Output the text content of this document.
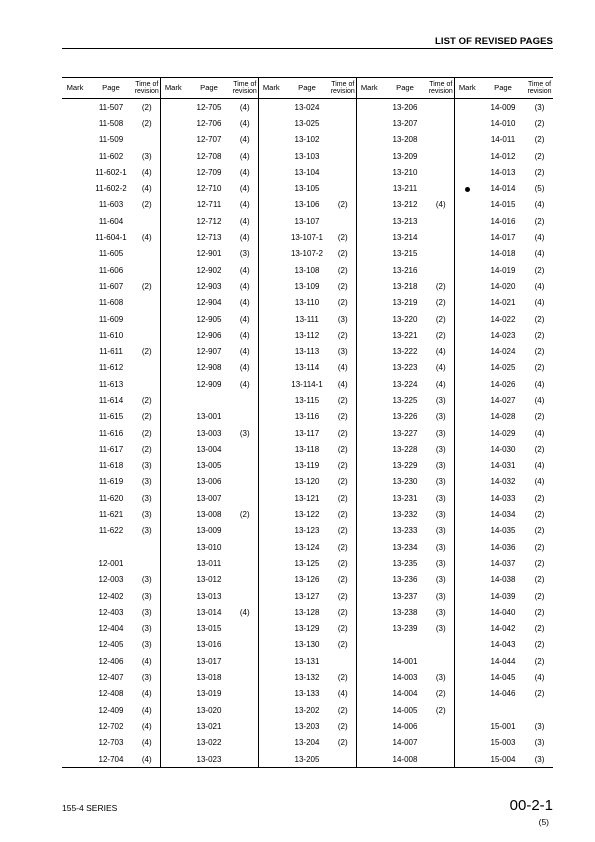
LIST OF REVISED PAGES
Mark	Page	Time of
revision	Mark	Page	Time of
revision	Mark	Page	Time of
revision	Mark	Page	Time of
revision	Mark	Page	Time of
revision
	11-507	(2)		12-705	(4)		13-024			13-206			14-009	(3)
	11-508	(2)		12-706	(4)		13-025			13-207			14-010	(2)
	11-509			12-707	(4)		13-102			13-208			14-011	(2)
	11-602	(3)		12-708	(4)		13-103			13-209			14-012	(2)
	11-602-1	(4)		12-709	(4)		13-104			13-210			14-013	(2)
	11-602-2	(4)		12-710	(4)		13-105			13-211			14-014	(5)
	11-603	(2)		12-711	(4)		13-106	(2)		13-212	(4)		14-015	(4)
	11-604			12-712	(4)		13-107			13-213			14-016	(2)
	11-604-1	(4)		12-713	(4)		13-107-1	(2)		13-214			14-017	(4)
	11-605			12-901	(3)		13-107-2	(2)		13-215			14-018	(4)
	11-606			12-902	(4)		13-108	(2)		13-216			14-019	(2)
	11-607	(2)		12-903	(4)		13-109	(2)		13-218	(2)		14-020	(4)
	11-608			12-904	(4)		13-110	(2)		13-219	(2)		14-021	(4)
	11-609			12-905	(4)		13-111	(3)		13-220	(2)		14-022	(2)
	11-610			12-906	(4)		13-112	(2)		13-221	(2)		14-023	(2)
	11-611	(2)		12-907	(4)		13-113	(3)		13-222	(4)		14-024	(2)
	11-612			12-908	(4)		13-114	(4)		13-223	(4)		14-025	(2)
	11-613			12-909	(4)		13-114-1	(4)		13-224	(4)		14-026	(4)
	11-614	(2)					13-115	(2)		13-225	(3)		14-027	(4)
	11-615	(2)		13-001			13-116	(2)		13-226	(3)		14-028	(2)
	11-616	(2)		13-003	(3)		13-117	(2)		13-227	(3)		14-029	(4)
	11-617	(2)		13-004			13-118	(2)		13-228	(3)		14-030	(2)
	11-618	(3)		13-005			13-119	(2)		13-229	(3)		14-031	(4)
	11-619	(3)		13-006			13-120	(2)		13-230	(3)		14-032	(4)
	11-620	(3)		13-007			13-121	(2)		13-231	(3)		14-033	(2)
	11-621	(3)		13-008	(2)		13-122	(2)		13-232	(3)		14-034	(2)
	11-622	(3)		13-009			13-123	(2)		13-233	(3)		14-035	(2)
				13-010			13-124	(2)		13-234	(3)		14-036	(2)
	12-001			13-011			13-125	(2)		13-235	(3)		14-037	(2)
	12-003	(3)		13-012			13-126	(2)		13-236	(3)		14-038	(2)
	12-402	(3)		13-013			13-127	(2)		13-237	(3)		14-039	(2)
	12-403	(3)		13-014	(4)		13-128	(2)		13-238	(3)		14-040	(2)
	12-404	(3)		13-015			13-129	(2)		13-239	(3)		14-042	(2)
	12-405	(3)		13-016			13-130	(2)					14-043	(2)
	12-406	(4)		13-017			13-131			14-001			14-044	(2)
	12-407	(3)		13-018			13-132	(2)		14-003	(3)		14-045	(4)
	12-408	(4)		13-019			13-133	(4)		14-004	(2)		14-046	(2)
	12-409	(4)		13-020			13-202	(2)		14-005	(2)			
	12-702	(4)		13-021			13-203	(2)		14-006			15-001	(3)
	12-703	(4)		13-022			13-204	(2)		14-007			15-003	(3)
	12-704	(4)		13-023			13-205			14-008			15-004	(3)
155-4 SERIES	00-2-1
(5)
